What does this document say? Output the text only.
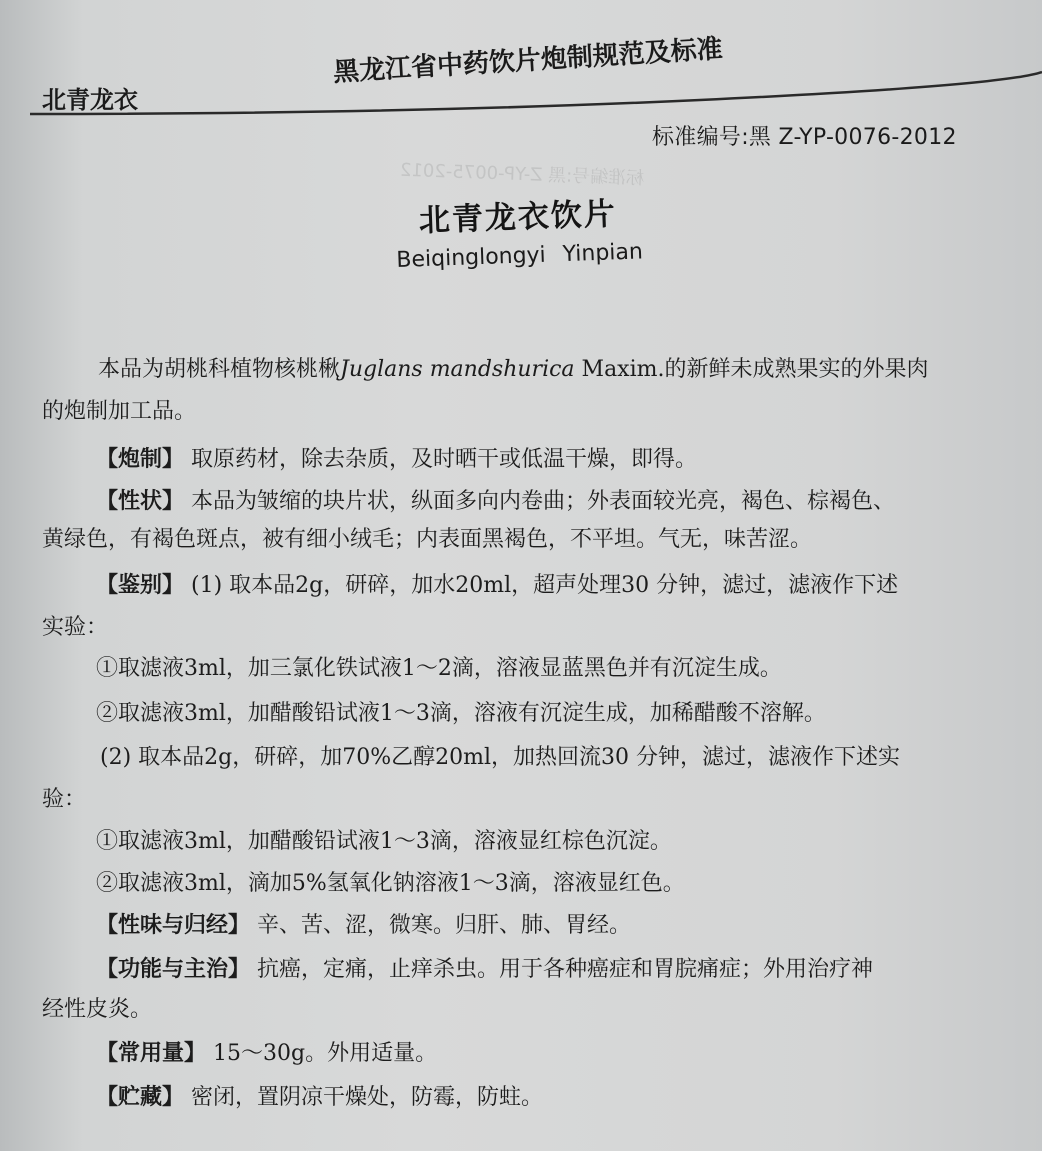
北青龙衣
黑龙江省中药饮片炮制规范及标准
标准编号:黑 Z-YP-0076-2012
标准编号:黑 Z-YP-0075-2012
北青龙衣饮片
Beiqinglongyi Yinpian
本品为胡桃科植物核桃楸Juglans mandshurica Maxim.的新鲜未成熟果实的外果肉
的炮制加工品。
【炮制】 取原药材，除去杂质，及时晒干或低温干燥，即得。
【性状】 本品为皱缩的块片状，纵面多向内卷曲；外表面较光亮，褐色、棕褐色、
黄绿色，有褐色斑点，被有细小绒毛；内表面黑褐色，不平坦。气无，味苦涩。
【鉴别】 (1) 取本品2g，研碎，加水20ml，超声处理30 分钟，滤过，滤液作下述
实验：
①取滤液3ml，加三氯化铁试液1～2滴，溶液显蓝黑色并有沉淀生成。
②取滤液3ml，加醋酸铅试液1～3滴，溶液有沉淀生成，加稀醋酸不溶解。
(2) 取本品2g，研碎，加70%乙醇20ml，加热回流30 分钟，滤过，滤液作下述实
验：
①取滤液3ml，加醋酸铅试液1～3滴，溶液显红棕色沉淀。
②取滤液3ml，滴加5%氢氧化钠溶液1～3滴，溶液显红色。
【性味与归经】 辛、苦、涩，微寒。归肝、肺、胃经。
【功能与主治】 抗癌，定痛，止痒杀虫。用于各种癌症和胃脘痛症；外用治疗神
经性皮炎。
【常用量】 15～30g。外用适量。
【贮藏】 密闭，置阴凉干燥处，防霉，防蛀。
